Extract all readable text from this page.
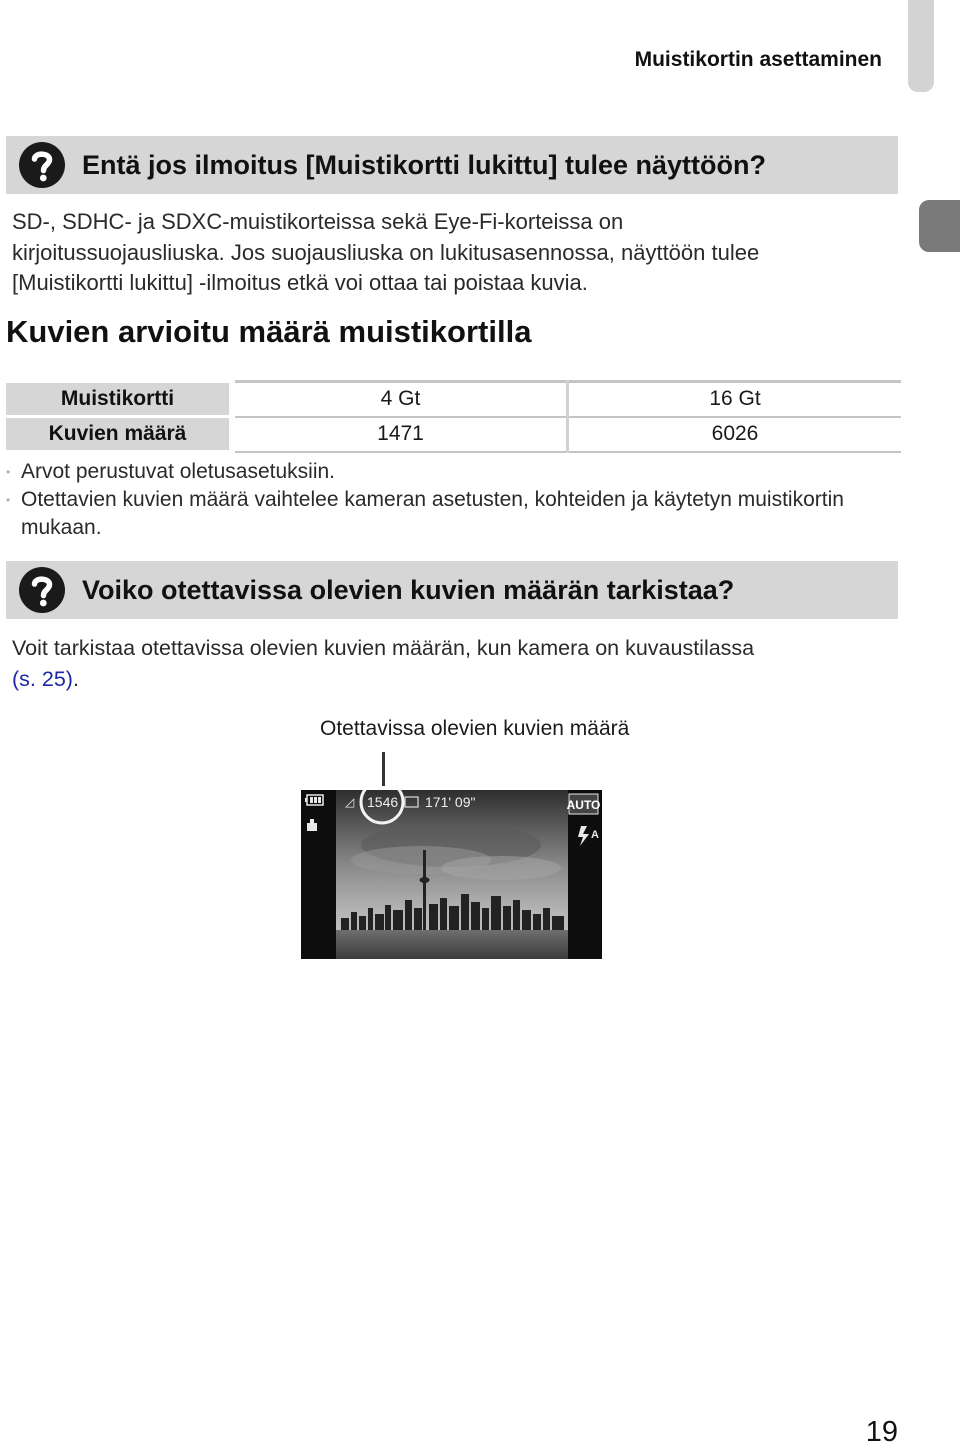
Muistikortin asettaminen
Entä jos ilmoitus [Muistikortti lukittu] tulee näyttöön?

SD-, SDHC- ja SDXC-muistikorteissa sekä Eye-Fi-korteissa on

kirjoitussuojausliuska. Jos suojausliuska on lukitusasennossa, näyttöön tulee

[Muistikortti lukittu] -ilmoitus etkä voi ottaa tai poistaa kuvia.

Kuvien arvioitu määrä muistikortilla
Muistikortti	4 Gt	16 Gt
Kuvien määrä	1471	6026
• Arvot perustuvat oletusasetuksiin.
• Otettavien kuvien määrä vaihtelee kameran asetusten, kohteiden ja käytetyn muistikortin mukaan.
Voiko otettavissa olevien kuvien määrän tarkistaa?

Voit tarkistaa otettavissa olevien kuvien määrän, kun kamera on kuvaustilassa

(s. 25).

Otettavissa olevien kuvien määrä
◿ 1546 171' 09"	AUTO
A
19
